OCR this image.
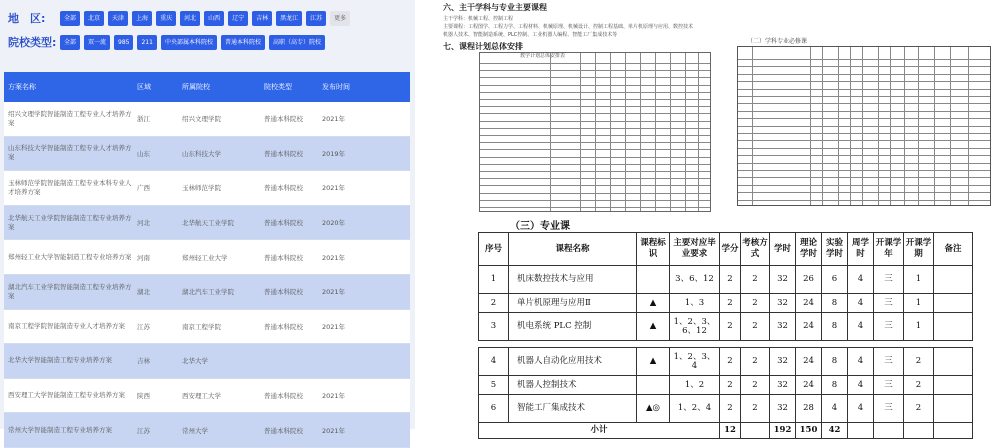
地　区:	全部	北京	天津	上海	重庆	河北	山西	辽宁	吉林	黑龙江	江苏	更多
院校类型:	全部	双一流	985	211	中央部属本科院校	普通本科院校	高职（高专）院校
方案名称	区域	所属院校	院校类型	发布时间
绍兴文理学院智能制造工程专业人才培养方案	浙江	绍兴文理学院	普通本科院校	2021年
山东科技大学智能制造工程专业人才培养方案	山东	山东科技大学	普通本科院校	2019年
玉林师范学院智能制造工程专业本科专业人才培养方案	广西	玉林师范学院	普通本科院校	2021年
北华航天工业学院智能制造工程专业培养方案	河北	北华航天工业学院	普通本科院校	2020年
郑州轻工业大学智能制造工程专业培养方案 河南	郑州轻工业大学	普通本科院校	2021年
湖北汽车工业学院智能制造工程专业培养方案	湖北	湖北汽车工业学院	普通本科院校	2021年
南京工程学院智能制造专业人才培养方案	江苏	南京工程学院	普通本科院校	2021年
北华大学智能制造工程专业培养方案	吉林	北华大学
西安理工大学智能制造工程专业培养方案	陕西	西安理工大学	普通本科院校	2021年
常州大学智能制造工程专业培养方案	江苏	常州大学	普通本科院校	2021年
六、主干学科与专业主要课程
主干学科：机械工程、控制工程
主要课程：工程图学、工程力学、工程材料、机械原理、机械设计、控制工程基础、单片机原理与应用、数控技术
机器人技术、智能制造系统、PLC控制、工业机器人编程、智能工厂集成技术等
七、课程计划总体安排
教学计划总体安排表
（二）学科专业必修课
（三）专业课
序号	课程名称	课程标识	主要对应毕业要求	学分	考核方式	学时	理论学时	实验学时	周学时	开课学年	开课学期	备注
1	机床数控技术与应用		3、6、12	2	2	32	26	6	4	三	1	
2	单片机原理与应用Ⅱ	▲	1、3	2	2	32	24	8	4	三	1	
3	机电系统 PLC 控制	▲	1、2、3、6、12	2	2	32	24	8	4	三	1	

4	机器人自动化应用技术	▲	1、2、3、4	2	2	32	24	8	4	三	2	
5	机器人控制技术		1、2	2	2	32	24	8	4	三	2	
6	智能工厂集成技术	▲◎	1、2、4	2	2	32	28	4	4	三	2	
小计				12		192	150	42				
